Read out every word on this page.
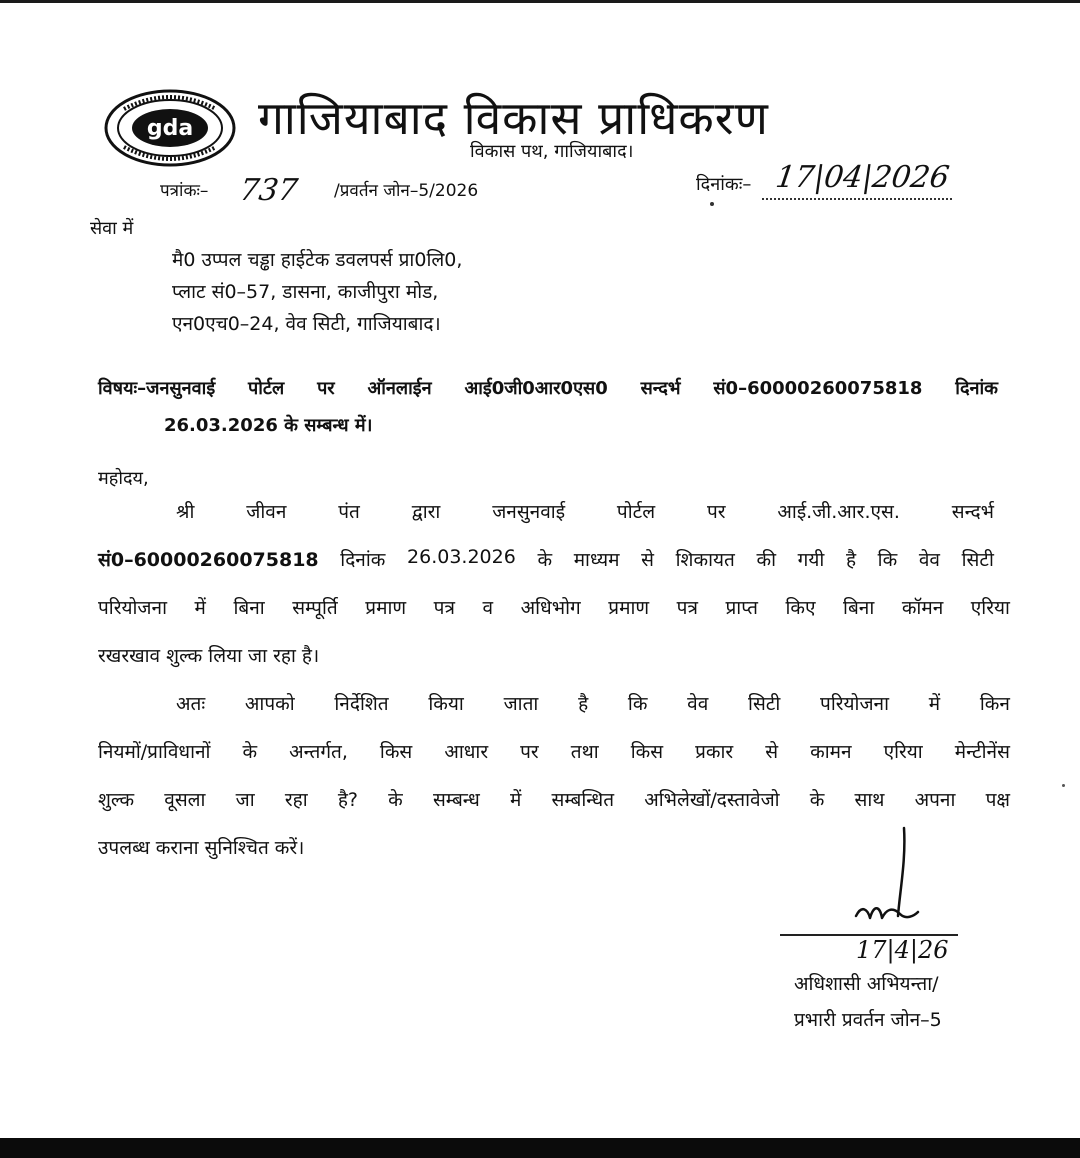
gda गाजियाबाद विकास प्राधिकरण
विकास पथ, गाजियाबाद।
पत्रांकः– 737 /प्रवर्तन जोन–5/2026	दिनांकः– 17|04|2026
सेवा में
मै0 उप्पल चड्ढा हाईटेक डवलपर्स प्रा0लि0,
प्लाट सं0–57, डासना, काजीपुरा मोड,
एन0एच0–24, वेव सिटी, गाजियाबाद।
विषयः–जनसुनवाई पोर्टल पर ऑनलाईन आई0जी0आर0एस0 सन्दर्भ सं0–60000260075818 दिनांक
26.03.2026 के सम्बन्ध में।
महोदय,
श्री	जीवन	पंत	द्वारा	जनसुनवाई	पोर्टल	पर	आई.जी.आर.एस.	सन्दर्भ
सं0–60000260075818 दिनांक 26.03.2026 के माध्यम से शिकायत की गयी है कि वेव सिटी
परियोजना में बिना सम्पूर्ति प्रमाण पत्र व अधिभोग प्रमाण पत्र प्राप्त किए बिना कॉमन एरिया
रखरखाव शुल्क लिया जा रहा है।
अतः आपको निर्देशित किया जाता है कि वेव सिटी परियोजना में किन
नियमों/प्राविधानों के अन्तर्गत, किस आधार पर तथा किस प्रकार से कामन एरिया मेन्टीनेंस
शुल्क वूसला जा रहा है? के सम्बन्ध में सम्बन्धित अभिलेखों/दस्तावेजो के साथ अपना पक्ष
उपलब्ध कराना सुनिश्चित करें।
17|4|26
अधिशासी अभियन्ता/
प्रभारी प्रवर्तन जोन–5
